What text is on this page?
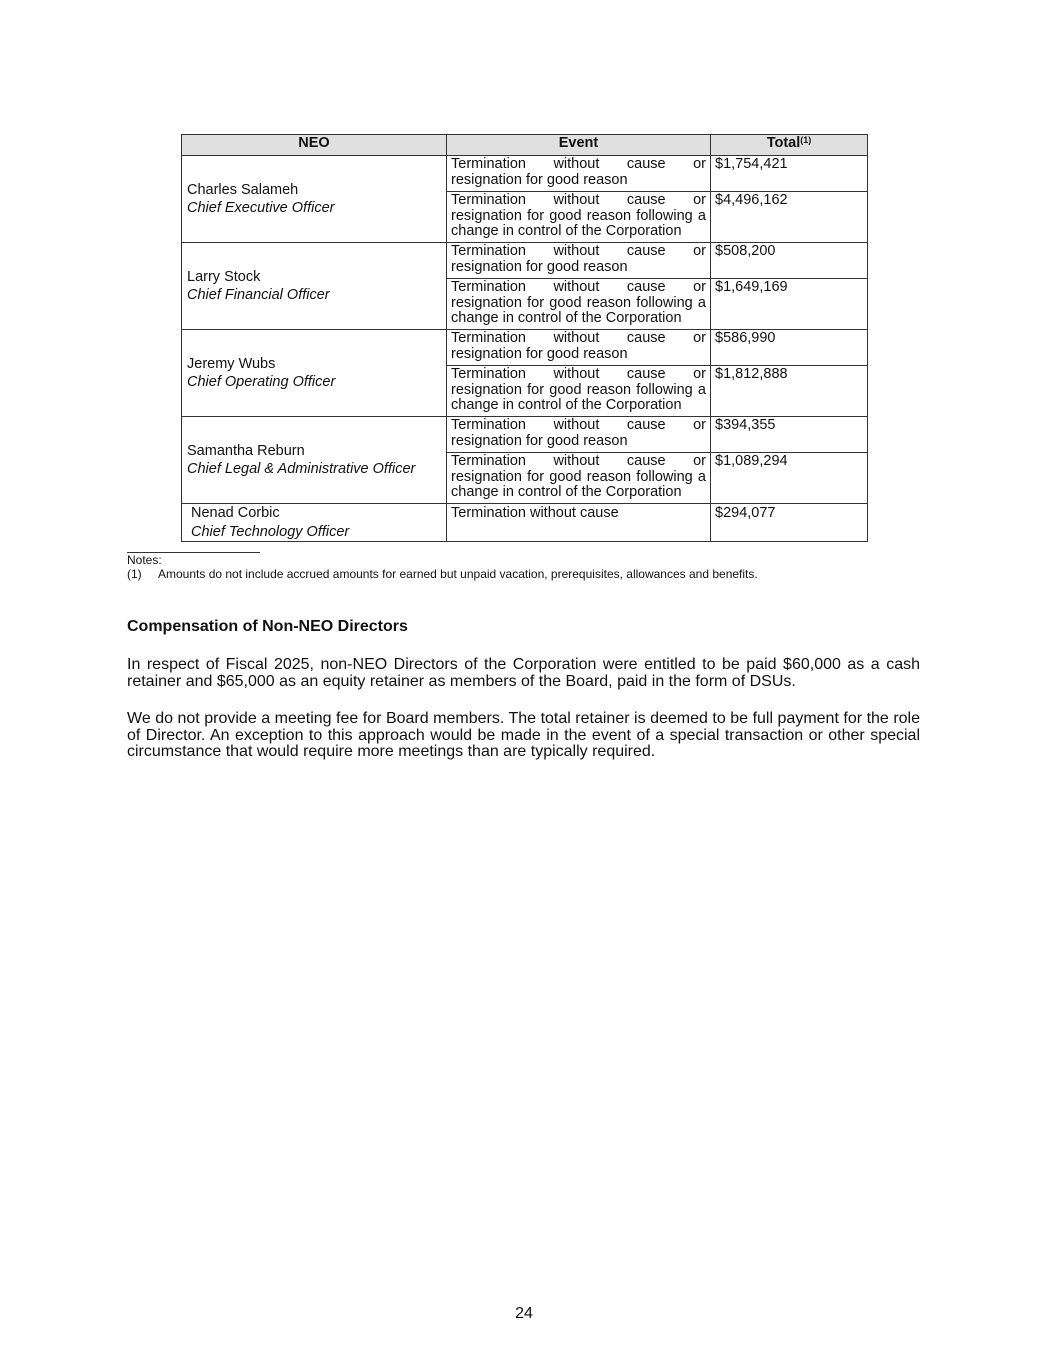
NEO	Event	Total$^{(1)}$

Charles Salameh
Chief Executive Officer	Termination without cause or resignation for good reason	$1,754,421
	Termination without cause or resignation for good reason following a change in control of the Corporation	$4,496,162

Larry Stock
Chief Financial Officer	Termination without cause or resignation for good reason	$508,200
	Termination without cause or resignation for good reason following a change in control of the Corporation	$1,649,169

Jeremy Wubs
Chief Operating Officer	Termination without cause or resignation for good reason	$586,990
	Termination without cause or resignation for good reason following a change in control of the Corporation	$1,812,888

Samantha Reburn
Chief Legal & Administrative Officer	Termination without cause or resignation for good reason	$394,355
	Termination without cause or resignation for good reason following a change in control of the Corporation	$1,089,294

Nenad Corbic
Chief Technology Officer	Termination without cause	$294,077
Notes:
(1) Amounts do not include accrued amounts for earned but unpaid vacation, prerequisites, allowances and benefits.
Compensation of Non-NEO Directors

In respect of Fiscal 2025, non-NEO Directors of the Corporation were entitled to be paid $60,000 as a cash retainer and $65,000 as an equity retainer as members of the Board, paid in the form of DSUs.

We do not provide a meeting fee for Board members. The total retainer is deemed to be full payment for the role of Director. An exception to this approach would be made in the event of a special transaction or other special circumstance that would require more meetings than are typically required.

24
